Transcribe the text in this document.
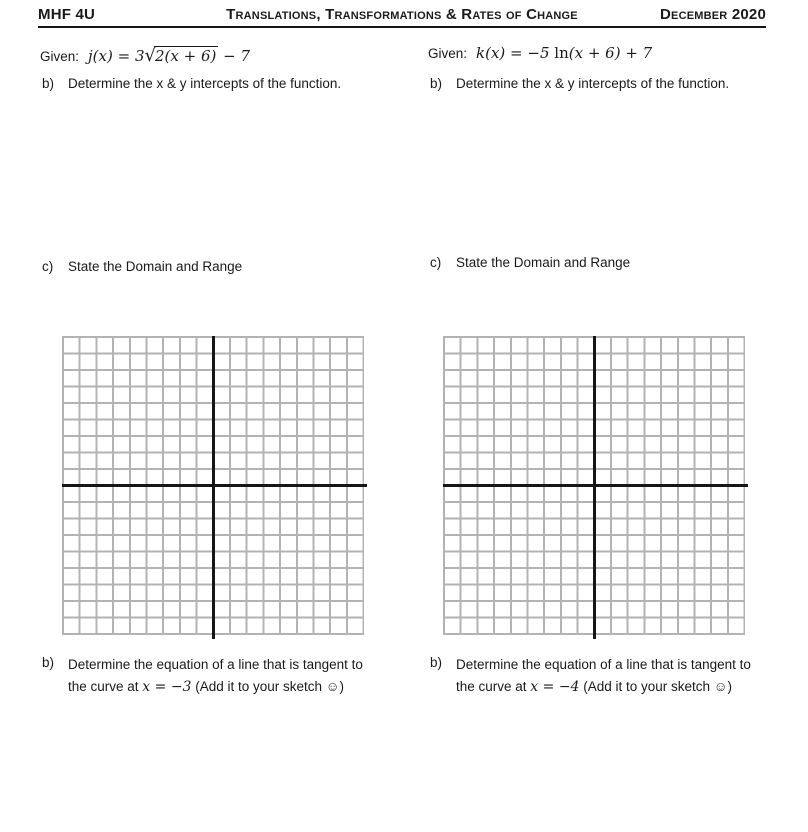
MHF 4U	Translations, Transformations & Rates of Change	December 2020
Given: j(x) = 3√2(x + 6) − 7
b)	Determine the x & y intercepts of the function.
c)	State the Domain and Range
b)	Determine the equation of a line that is tangent to
the curve at x = −3 (Add it to your sketch ☺)
Given: k(x) = −5 ln(x + 6) + 7
b)	Determine the x & y intercepts of the function.
c)	State the Domain and Range
b)	Determine the equation of a line that is tangent to
the curve at x = −4 (Add it to your sketch ☺)
